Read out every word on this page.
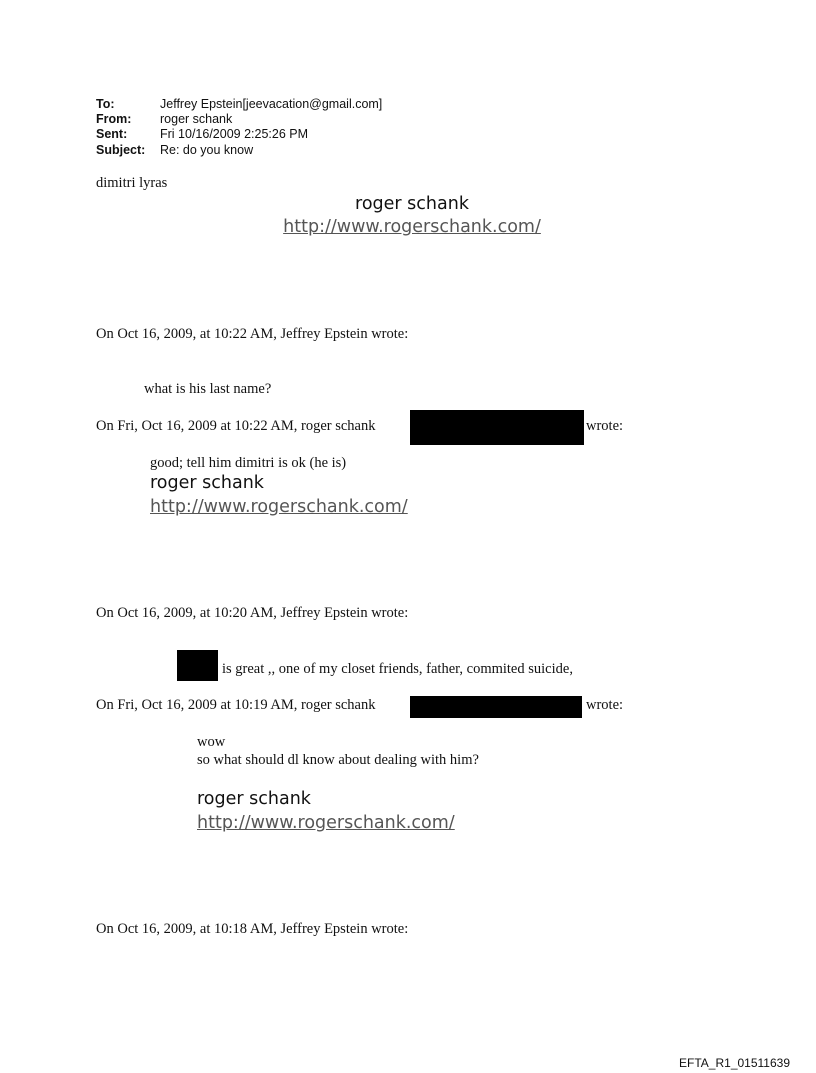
To:	Jeffrey Epstein[jeevacation@gmail.com]
From: roger schank
Sent:	Fri 10/16/2009 2:25:26 PM
Subject: Re: do you know
dimitri lyras
roger schank
http://www.rogerschank.com/
On Oct 16, 2009, at 10:22 AM, Jeffrey Epstein wrote:
what is his last name?
On Fri, Oct 16, 2009 at 10:22 AM, roger schank	wrote:
good; tell him dimitri is ok (he is)
roger schank
http://www.rogerschank.com/
On Oct 16, 2009, at 10:20 AM, Jeffrey Epstein wrote:
is great ,, one of my closet friends, father, commited suicide,
On Fri, Oct 16, 2009 at 10:19 AM, roger schank	wrote:
wow
so what should dl know about dealing with him?
roger schank
http://www.rogerschank.com/
On Oct 16, 2009, at 10:18 AM, Jeffrey Epstein wrote:
EFTA_R1_01511639
